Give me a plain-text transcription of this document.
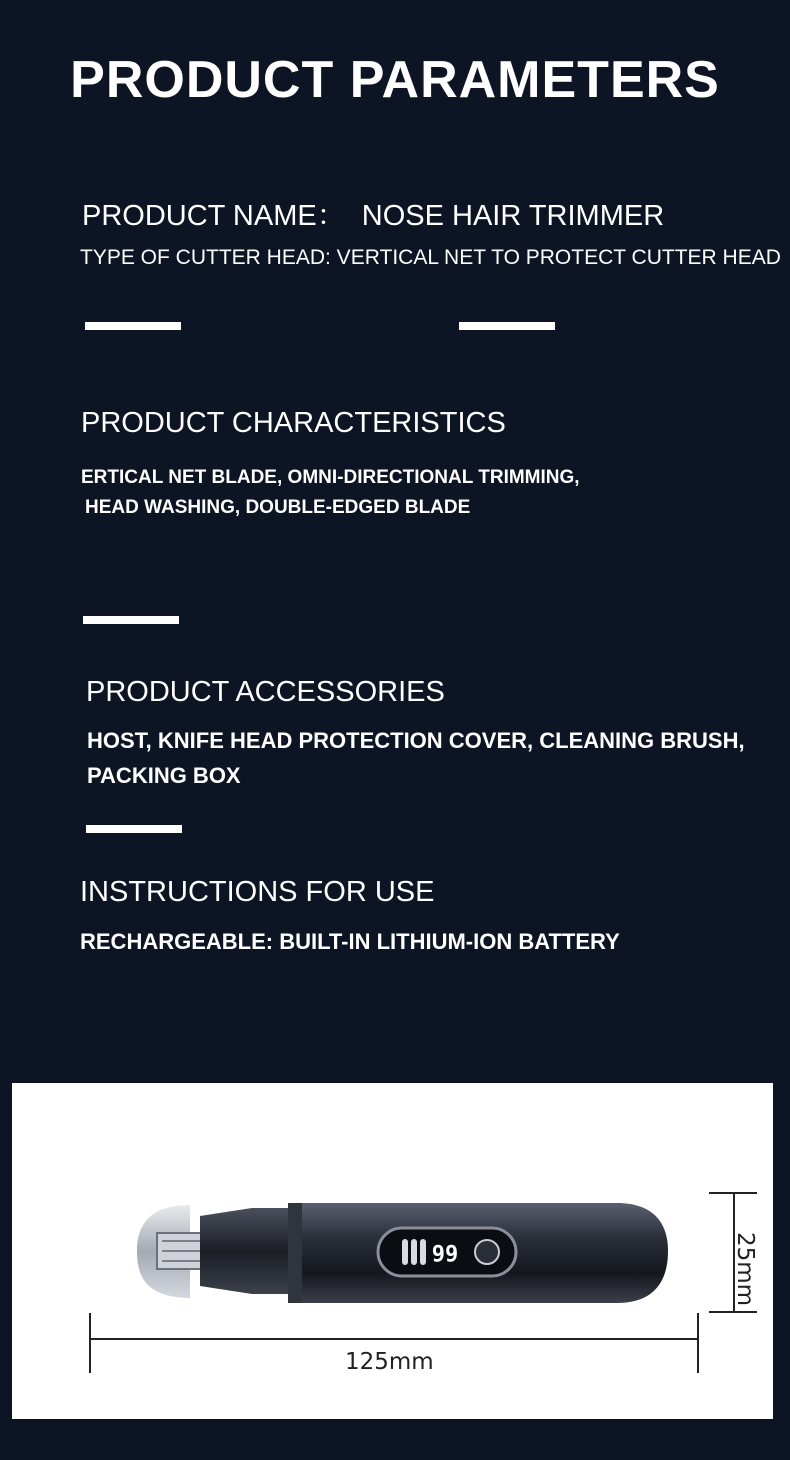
PRODUCT PARAMETERS
PRODUCT NAME： NOSE HAIR TRIMMER
TYPE OF CUTTER HEAD: VERTICAL NET TO PROTECT CUTTER HEAD
PRODUCT CHARACTERISTICS
ERTICAL NET BLADE, OMNI-DIRECTIONAL TRIMMING,
HEAD WASHING, DOUBLE-EDGED BLADE
PRODUCT ACCESSORIES
HOST, KNIFE HEAD PROTECTION COVER, CLEANING BRUSH,
PACKING BOX
INSTRUCTIONS FOR USE
RECHARGEABLE: BUILT-IN LITHIUM-ION BATTERY
66
125mm
25mm
